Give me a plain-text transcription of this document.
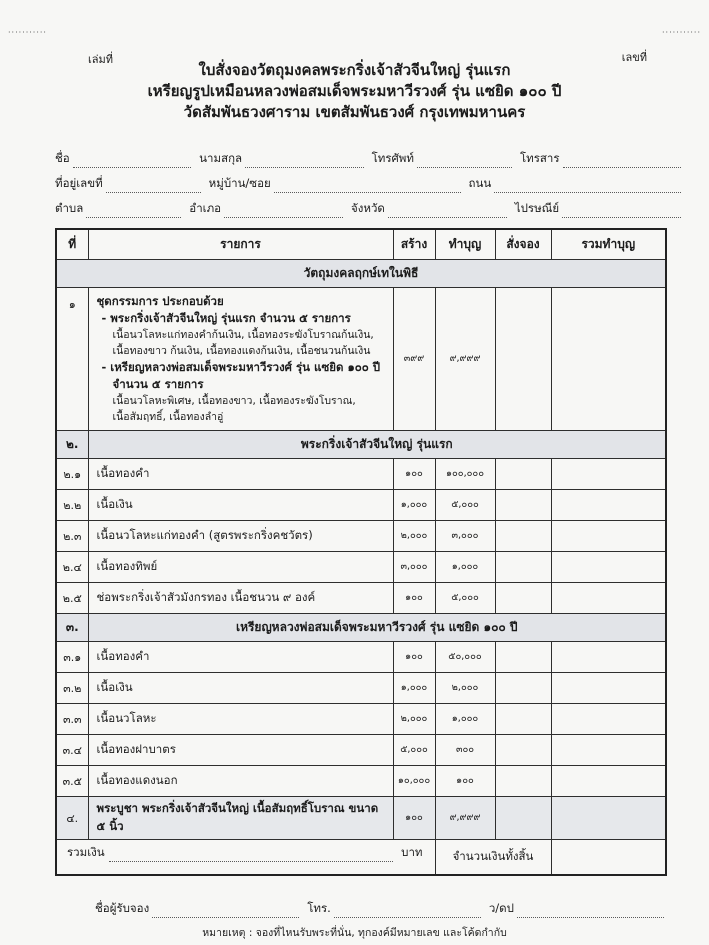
···········	···········
เล่มที่	เลขที่
ใบสั่งจองวัตถุมงคลพระกริ่งเจ้าสัวจีนใหญ่ รุ่นแรก
เหรียญรูปเหมือนหลวงพ่อสมเด็จพระมหาวีรวงศ์ รุ่น แซยิด ๑๐๐ ปี
วัดสัมพันธวงศาราม เขตสัมพันธวงศ์ กรุงเทพมหานคร
ชื่อ	นามสกุล	โทรศัพท์	โทรสาร
ที่อยู่เลขที่	หมู่บ้าน/ซอย	ถนน
ตำบล	อำเภอ	จังหวัด	ไปรษณีย์
ที่	รายการ	สร้าง	ทำบุญ	สั่งจอง	รวมทำบุญ
วัตถุมงคลฤกษ์เทในพิธี					
๑	ชุดกรรมการ ประกอบด้วย
- พระกริ่งเจ้าสัวจีนใหญ่ รุ่นแรก จำนวน ๕ รายการ
เนื้อนวโลหะแก่ทองคำก้นเงิน, เนื้อทองระฆังโบราณก้นเงิน,
เนื้อทองขาว ก้นเงิน, เนื้อทองแดงก้นเงิน, เนื้อชนวนก้นเงิน
- เหรียญหลวงพ่อสมเด็จพระมหาวีรวงศ์ รุ่น แซยิด ๑๐๐ ปี
จำนวน ๕ รายการ
เนื้อนวโลหะพิเศษ, เนื้อทองขาว, เนื้อทองระฆังโบราณ,
เนื้อสัมฤทธิ์, เนื้อทองลำอู่
	๓๙๙	๙,๙๙๙		
๒.	พระกริ่งเจ้าสัวจีนใหญ่ รุ่นแรก				
๒.๑	เนื้อทองคำ	๑๐๐	๑๐๐,๐๐๐		
๒.๒	เนื้อเงิน	๑,๐๐๐	๕,๐๐๐		
๒.๓	เนื้อนวโลหะแก่ทองคำ (สูตรพระกริ่งคชวัตร)	๒,๐๐๐	๓,๐๐๐		
๒.๔	เนื้อทองทิพย์	๓,๐๐๐	๑,๐๐๐		
๒.๕	ช่อพระกริ่งเจ้าสัวมังกรทอง เนื้อชนวน ๙ องค์	๑๐๐	๕,๐๐๐		
๓.	เหรียญหลวงพ่อสมเด็จพระมหาวีรวงศ์ รุ่น แซยิด ๑๐๐ ปี				
๓.๑	เนื้อทองคำ	๑๐๐	๕๐,๐๐๐		
๓.๒	เนื้อเงิน	๑,๐๐๐	๒,๐๐๐		
๓.๓	เนื้อนวโลหะ	๒,๐๐๐	๑,๐๐๐		
๓.๔	เนื้อทองฝาบาตร	๕,๐๐๐	๓๐๐		
๓.๕	เนื้อทองแดงนอก	๑๐,๐๐๐	๑๐๐		
๔.	พระบูชา พระกริ่งเจ้าสัวจีนใหญ่ เนื้อสัมฤทธิ์โบราณ ขนาด ๕ นิ้ว	๑๐๐	๙,๙๙๙		

รวมเงิน บาท			จำนวนเงินทั้งสิ้น		
ชื่อผู้รับจอง	โทร.	ว/ดป
หมายเหตุ : จองที่ไหนรับพระที่นั่น, ทุกองค์มีหมายเลข และโค้ดกำกับ
